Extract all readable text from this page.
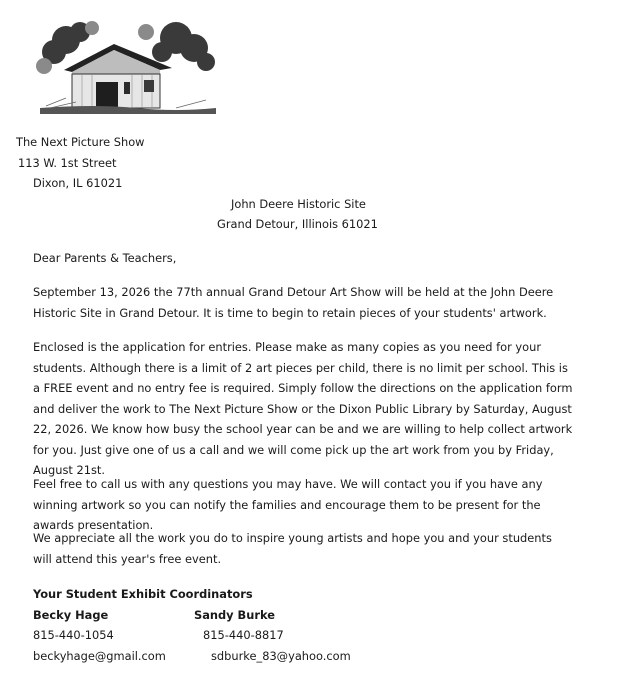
The Next Picture Show
113 W. 1st Street
Dixon, IL 61021
John Deere Historic Site
Grand Detour, Illinois 61021
Dear Parents & Teachers,
September 13, 2026 the 77th annual Grand Detour Art Show will be held at the John Deere Historic Site in Grand Detour. It is time to begin to retain pieces of your students' artwork.
Enclosed is the application for entries. Please make as many copies as you need for your students. Although there is a limit of 2 art pieces per child, there is no limit per school. This is a FREE event and no entry fee is required. Simply follow the directions on the application form and deliver the work to The Next Picture Show or the Dixon Public Library by Saturday, August 22, 2026. We know how busy the school year can be and we are willing to help collect artwork for you. Just give one of us a call and we will come pick up the art work from you by Friday, August 21st.
Feel free to call us with any questions you may have. We will contact you if you have any winning artwork so you can notify the families and encourage them to be present for the awards presentation.
We appreciate all the work you do to inspire young artists and hope you and your students will attend this year's free event.
Your Student Exhibit Coordinators
Becky Hage	Sandy Burke
815-440-1054	815-440-8817
beckyhage@gmail.com	sdburke_83@yahoo.com
